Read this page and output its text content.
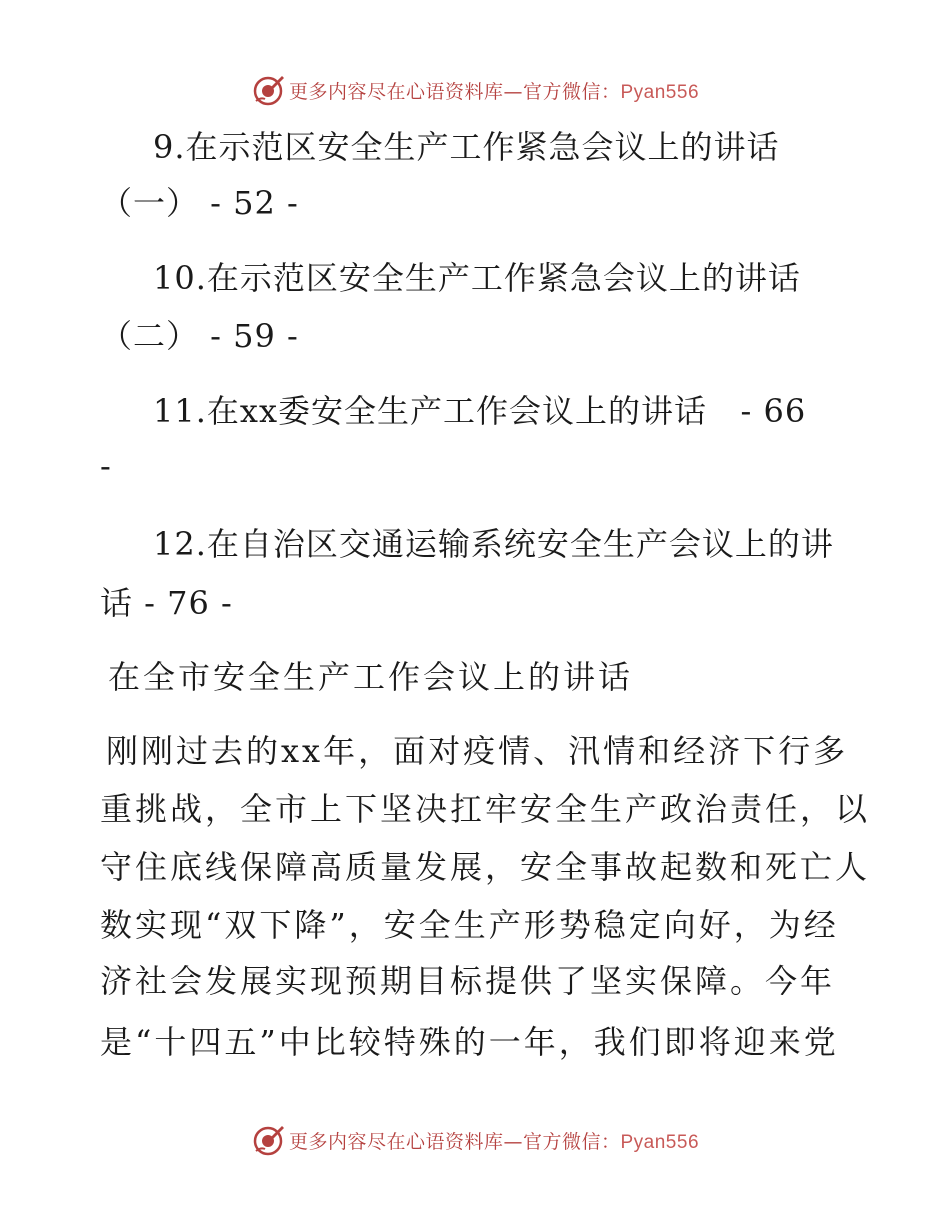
更多内容尽在心语资料库—官方微信：Pyan556
9.在示范区安全生产工作紧急会议上的讲话
（一） - 52 -
10.在示范区安全生产工作紧急会议上的讲话
（二） - 59 -
11.在xx委安全生产工作会议上的讲话   - 66
-
12.在自治区交通运输系统安全生产会议上的讲
话 - 76 -
在全市安全生产工作会议上的讲话
刚刚过去的xx年，面对疫情、汛情和经济下行多
重挑战，全市上下坚决扛牢安全生产政治责任，以
守住底线保障高质量发展，安全事故起数和死亡人
数实现“双下降”，安全生产形势稳定向好，为经
济社会发展实现预期目标提供了坚实保障。今年
是“十四五”中比较特殊的一年，我们即将迎来党
更多内容尽在心语资料库—官方微信：Pyan556
